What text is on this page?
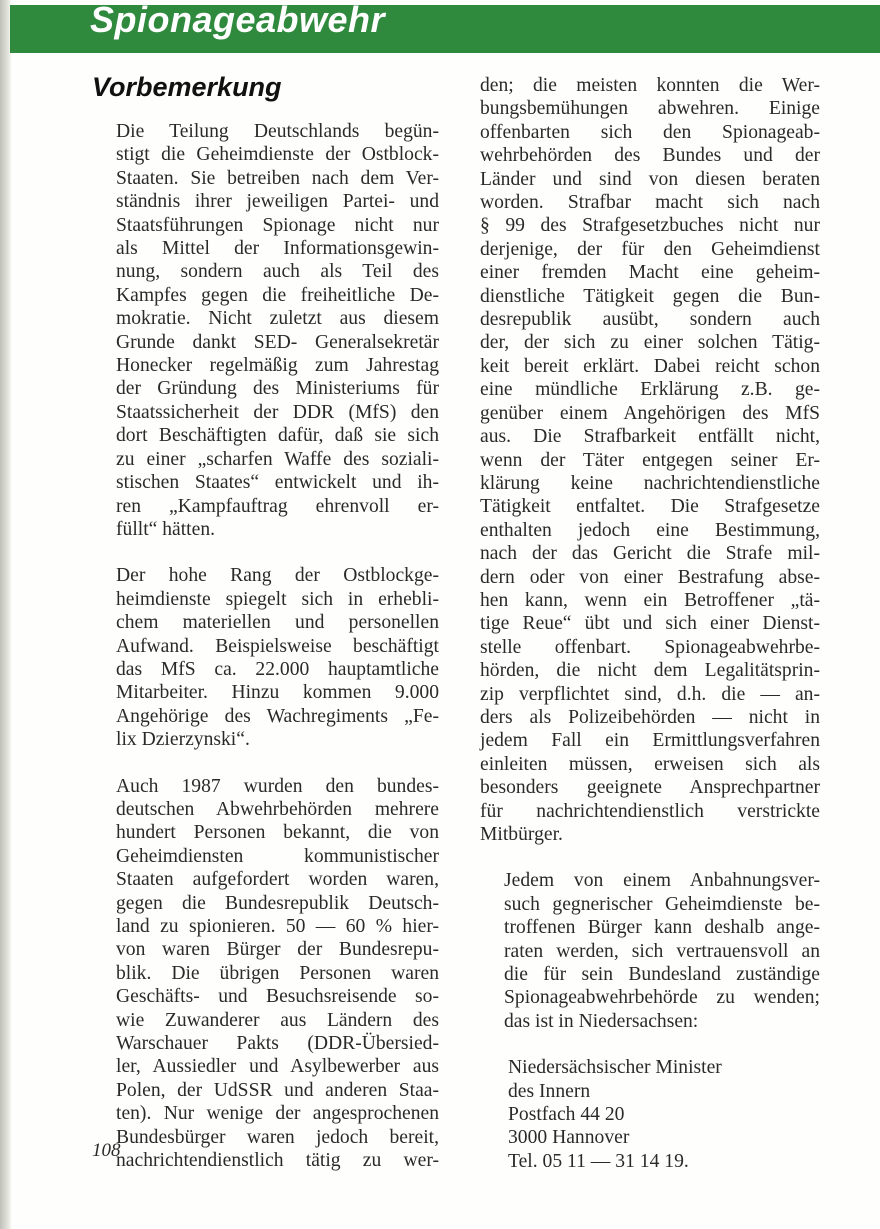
Spionageabwehr
Vorbemerkung

Die Teilung Deutschlands begün-
stigt die Geheimdienste der Ostblock-
Staaten. Sie betreiben nach dem Ver-
ständnis ihrer jeweiligen Partei- und
Staatsführungen Spionage nicht nur
als Mittel der Informationsgewin-
nung, sondern auch als Teil des
Kampfes gegen die freiheitliche De-
mokratie. Nicht zuletzt aus diesem
Grunde dankt SED- Generalsekretär
Honecker regelmäßig zum Jahrestag
der Gründung des Ministeriums für
Staatssicherheit der DDR (MfS) den
dort Beschäftigten dafür, daß sie sich
zu einer „scharfen Waffe des soziali-
stischen Staates“ entwickelt und ih-
ren „Kampfauftrag ehrenvoll er-
füllt“ hätten.

Der hohe Rang der Ostblockge-
heimdienste spiegelt sich in erhebli-
chem materiellen und personellen
Aufwand. Beispielsweise beschäftigt
das MfS ca. 22.000 hauptamtliche
Mitarbeiter. Hinzu kommen 9.000
Angehörige des Wachregiments „Fe-
lix Dzierzynski“.

Auch 1987 wurden den bundes-
deutschen Abwehrbehörden mehrere
hundert Personen bekannt, die von
Geheimdiensten kommunistischer
Staaten aufgefordert worden waren,
gegen die Bundesrepublik Deutsch-
land zu spionieren. 50 — 60 % hier-
von waren Bürger der Bundesrepu-
blik. Die übrigen Personen waren
Geschäfts- und Besuchsreisende so-
wie Zuwanderer aus Ländern des
Warschauer Pakts (DDR-Übersied-
ler, Aussiedler und Asylbewerber aus
Polen, der UdSSR und anderen Staa-
ten). Nur wenige der angesprochenen
Bundesbürger waren jedoch bereit,
nachrichtendienstlich tätig zu wer-

den; die meisten konnten die Wer-
bungsbemühungen abwehren. Einige
offenbarten sich den Spionageab-
wehrbehörden des Bundes und der
Länder und sind von diesen beraten
worden. Strafbar macht sich nach
§ 99 des Strafgesetzbuches nicht nur
derjenige, der für den Geheimdienst
einer fremden Macht eine geheim-
dienstliche Tätigkeit gegen die Bun-
desrepublik ausübt, sondern auch
der, der sich zu einer solchen Tätig-
keit bereit erklärt. Dabei reicht schon
eine mündliche Erklärung z.B. ge-
genüber einem Angehörigen des MfS
aus. Die Strafbarkeit entfällt nicht,
wenn der Täter entgegen seiner Er-
klärung keine nachrichtendienstliche
Tätigkeit entfaltet. Die Strafgesetze
enthalten jedoch eine Bestimmung,
nach der das Gericht die Strafe mil-
dern oder von einer Bestrafung abse-
hen kann, wenn ein Betroffener „tä-
tige Reue“ übt und sich einer Dienst-
stelle offenbart. Spionageabwehrbe-
hörden, die nicht dem Legalitätsprin-
zip verpflichtet sind, d.h. die — an-
ders als Polizeibehörden — nicht in
jedem Fall ein Ermittlungsverfahren
einleiten müssen, erweisen sich als
besonders geeignete Ansprechpartner
für nachrichtendienstlich verstrickte
Mitbürger.

Jedem von einem Anbahnungsver-
such gegnerischer Geheimdienste be-
troffenen Bürger kann deshalb ange-
raten werden, sich vertrauensvoll an
die für sein Bundesland zuständige
Spionageabwehrbehörde zu wenden;
das ist in Niedersachsen:

Niedersächsischer Minister
des Innern
Postfach 44 20
3000 Hannover
Tel. 05 11 — 31 14 19.

108
